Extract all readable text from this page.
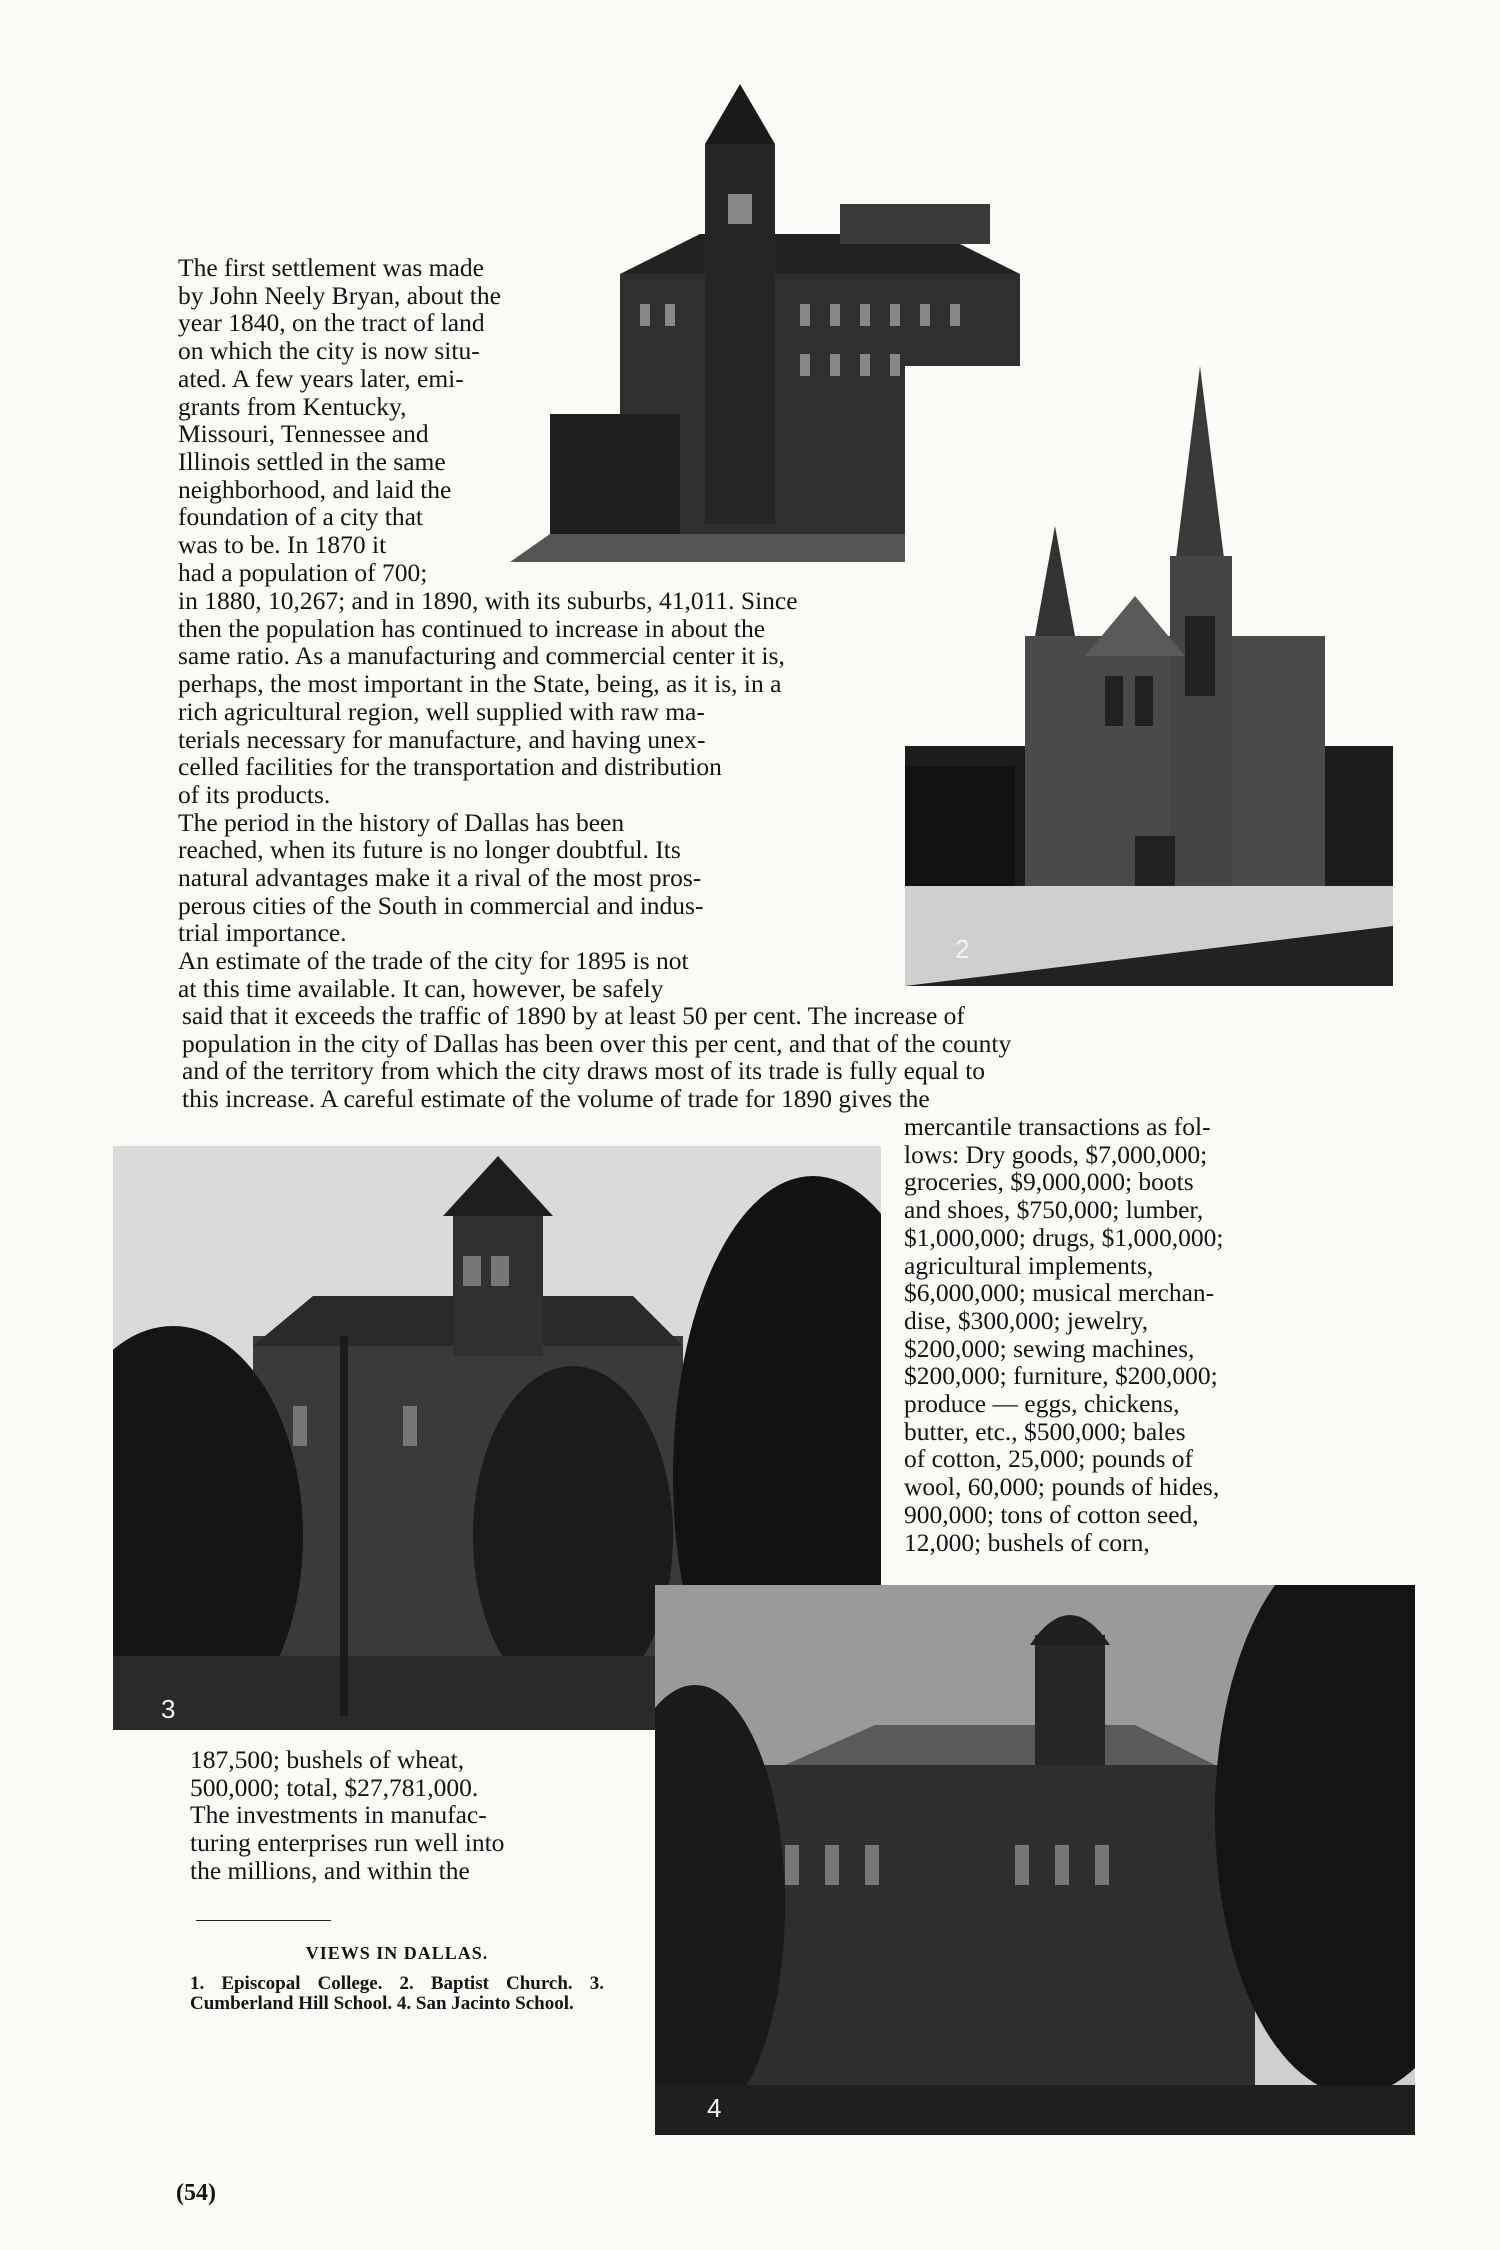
The first settlement was made
by John Neely Bryan, about the
year 1840, on the tract of land
on which the city is now situ-
ated. A few years later, emi-
grants from Kentucky,
Missouri, Tennessee and
Illinois settled in the same
neighborhood, and laid the
foundation of a city that
was to be. In 1870 it
had a population of 700;
in 1880, 10,267; and in 1890, with its suburbs, 41,011. Since
then the population has continued to increase in about the
same ratio. As a manufacturing and commercial center it is,
perhaps, the most important in the State, being, as it is, in a
rich agricultural region, well supplied with raw ma-
terials necessary for manufacture, and having unex-
celled facilities for the transportation and distribution
of its products.
The period in the history of Dallas has been
reached, when its future is no longer doubtful. Its
natural advantages make it a rival of the most pros-
perous cities of the South in commercial and indus-
trial importance.
An estimate of the trade of the city for 1895 is not
at this time available. It can, however, be safely
said that it exceeds the traffic of 1890 by at least 50 per cent. The increase of
population in the city of Dallas has been over this per cent, and that of the county
and of the territory from which the city draws most of its trade is fully equal to
this increase. A careful estimate of the volume of trade for 1890 gives the
mercantile transactions as fol-
lows: Dry goods, $7,000,000;
groceries, $9,000,000; boots
and shoes, $750,000; lumber,
$1,000,000; drugs, $1,000,000;
agricultural implements,
$6,000,000; musical merchan-
dise, $300,000; jewelry,
$200,000; sewing machines,
$200,000; furniture, $200,000;
produce — eggs, chickens,
butter, etc., $500,000; bales
of cotton, 25,000; pounds of
wool, 60,000; pounds of hides,
900,000; tons of cotton seed,
12,000; bushels of corn,
187,500; bushels of wheat,
500,000; total, $27,781,000.
The investments in manufac-
turing enterprises run well into
the millions, and within the
2
3
4
VIEWS IN DALLAS.
1. Episcopal College. 2. Baptist Church. 3. Cumberland Hill School. 4. San Jacinto School.
(54)
